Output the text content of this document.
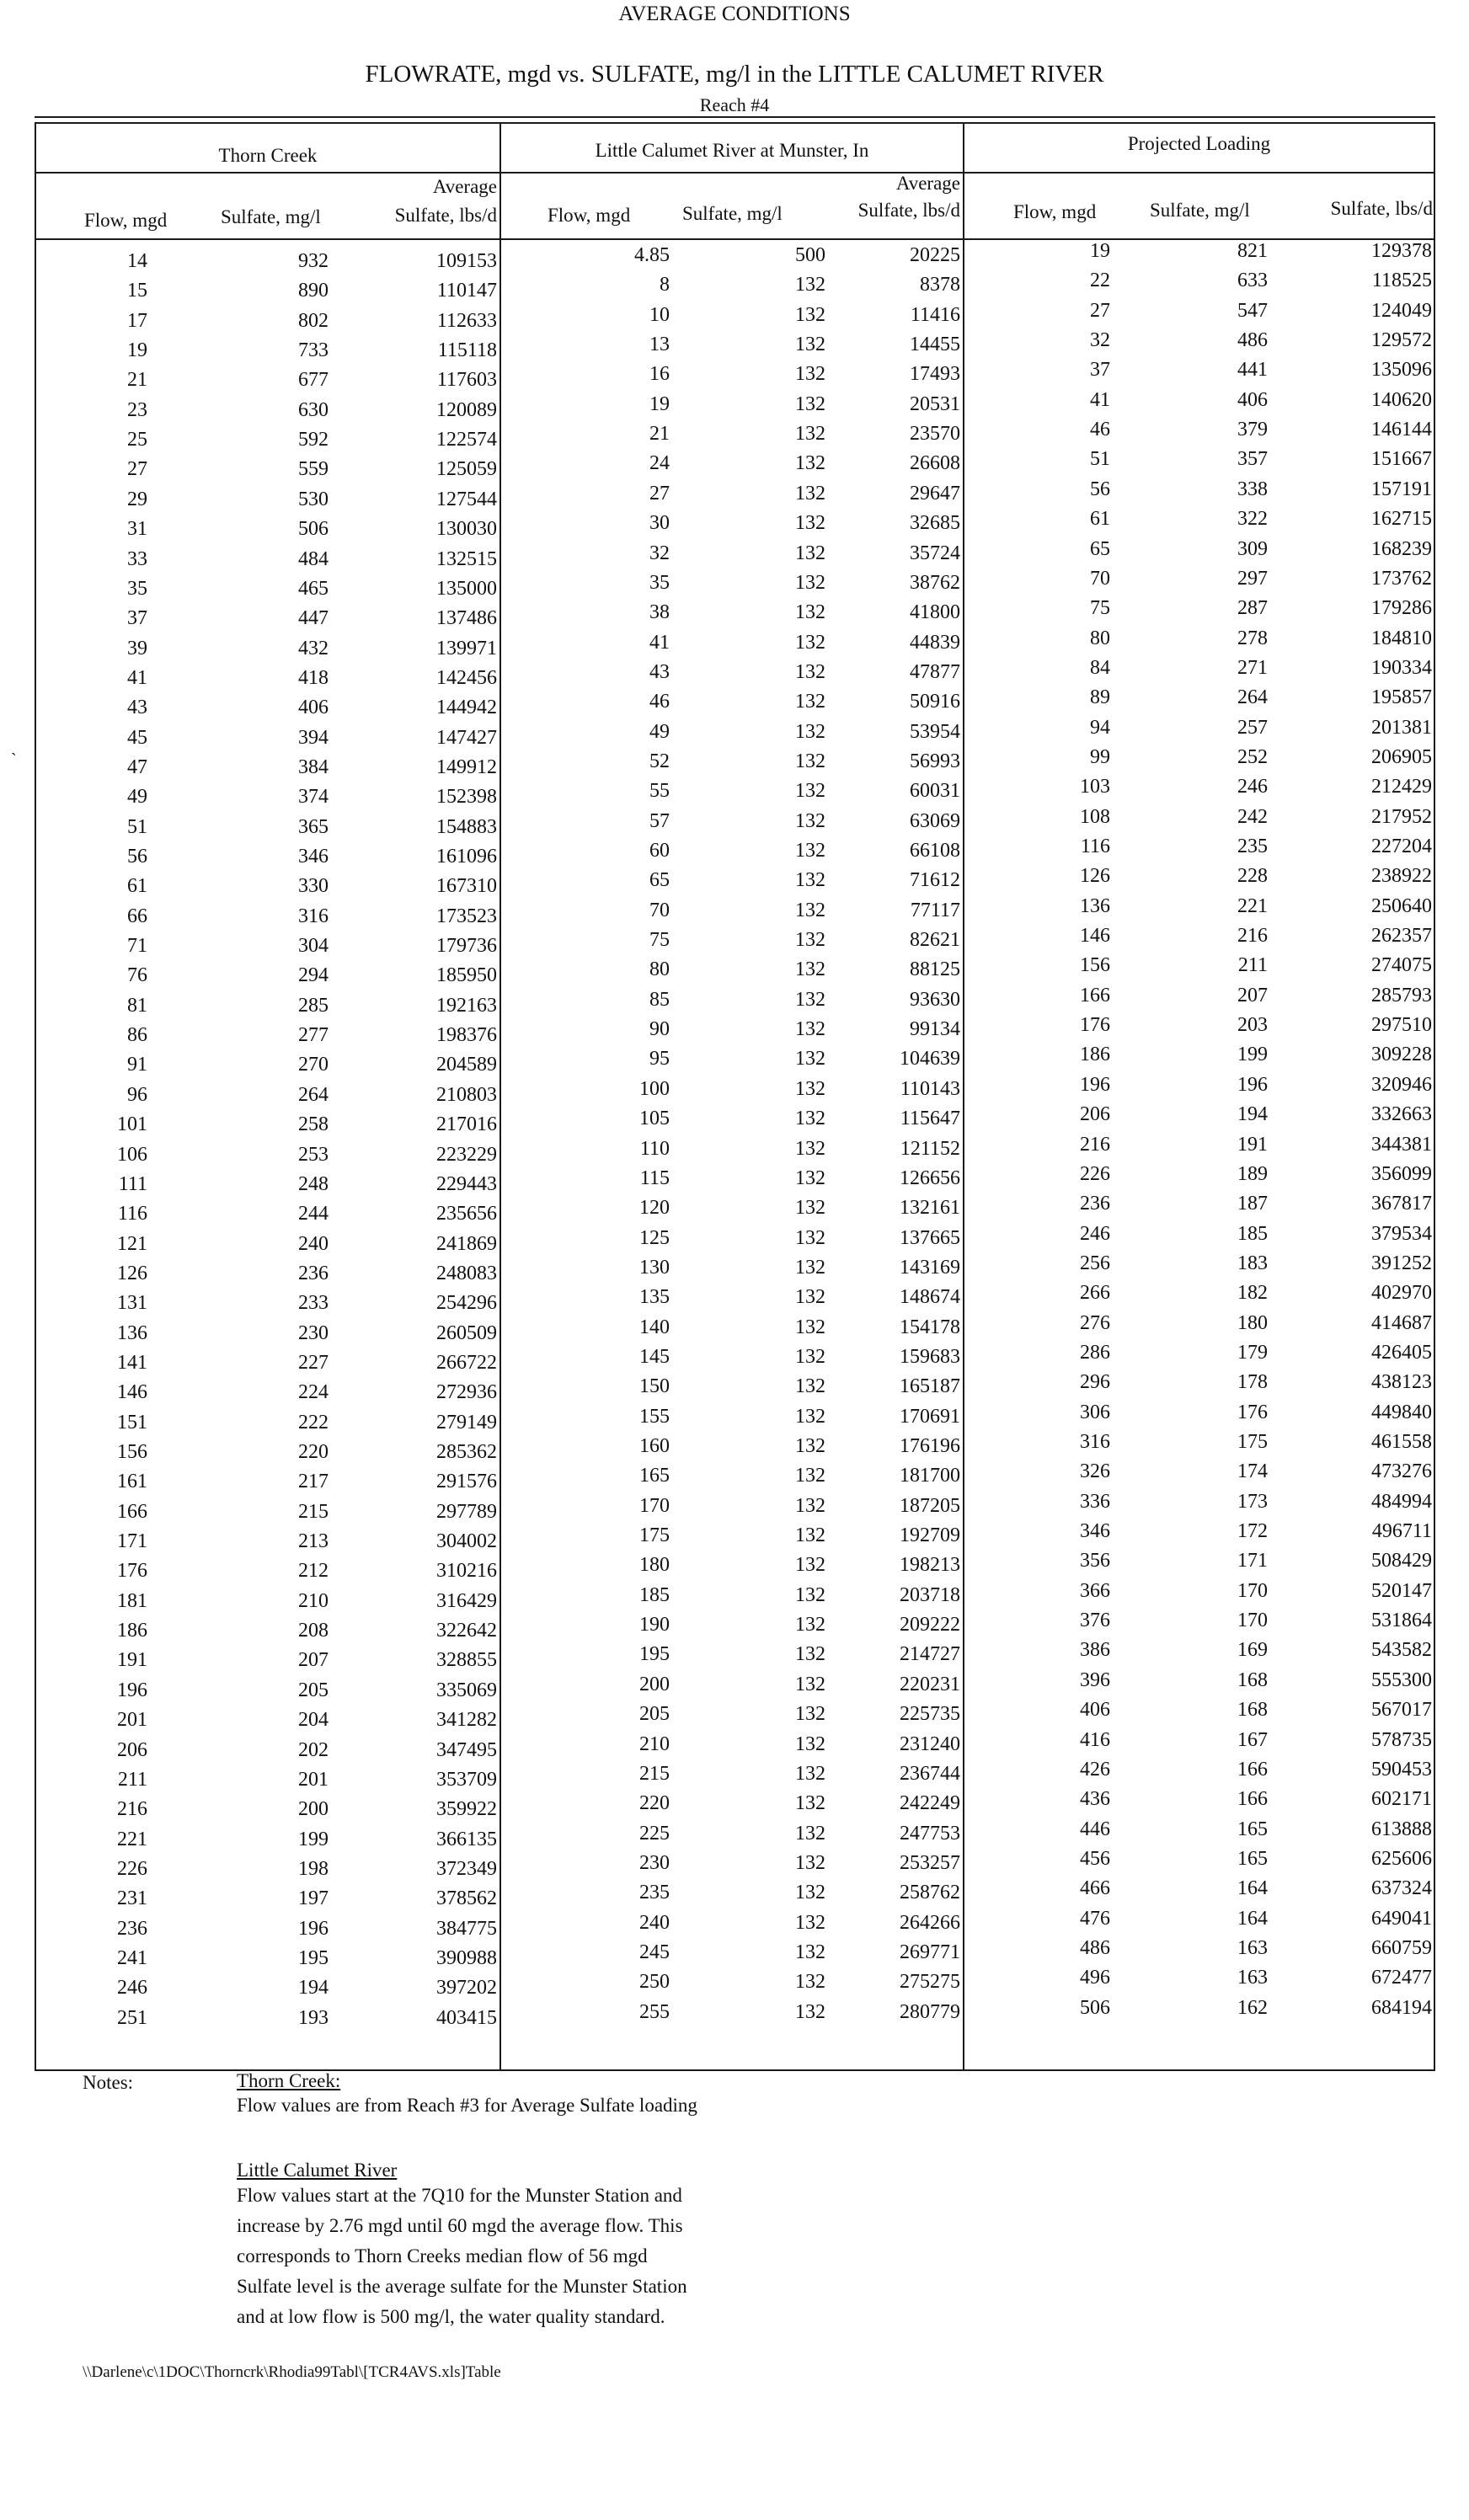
AVERAGE CONDITIONS
FLOWRATE, mgd vs. SULFATE, mg/l in the LITTLE CALUMET RIVER
Reach #4
`
Thorn Creek	Little Calumet River at Munster, In	Projected Loading
Flow, mgd	Sulfate, mg/l
Average
Sulfate, lbs/d	Flow, mgd	Sulfate, mg/l
Average
Sulfate, lbs/d	Flow, mgd	Sulfate, mg/l	Sulfate, lbs/d
14	932	109153	4.85	500	20225	19	821	129378
15	890	110147	8	132	8378	22	633	118525
17	802	112633	10	132	11416	27	547	124049
19	733	115118	13	132	14455	32	486	129572
21	677	117603	16	132	17493	37	441	135096
23	630	120089	19	132	20531	41	406	140620
25	592	122574	21	132	23570	46	379	146144
27	559	125059	24	132	26608	51	357	151667
29	530	127544	27	132	29647	56	338	157191
31	506	130030	30	132	32685	61	322	162715
33	484	132515	32	132	35724	65	309	168239
35	465	135000	35	132	38762	70	297	173762
37	447	137486	38	132	41800	75	287	179286
39	432	139971	41	132	44839	80	278	184810
41	418	142456	43	132	47877	84	271	190334
43	406	144942	46	132	50916	89	264	195857
45	394	147427	49	132	53954	94	257	201381
47	384	149912	52	132	56993	99	252	206905
49	374	152398	55	132	60031	103	246	212429
51	365	154883	57	132	63069	108	242	217952
56	346	161096	60	132	66108	116	235	227204
61	330	167310	65	132	71612	126	228	238922
66	316	173523	70	132	77117	136	221	250640
71	304	179736	75	132	82621	146	216	262357
76	294	185950	80	132	88125	156	211	274075
81	285	192163	85	132	93630	166	207	285793
86	277	198376	90	132	99134	176	203	297510
91	270	204589	95	132	104639	186	199	309228
96	264	210803	100	132	110143	196	196	320946
101	258	217016	105	132	115647	206	194	332663
106	253	223229	110	132	121152	216	191	344381
111	248	229443	115	132	126656	226	189	356099
116	244	235656	120	132	132161	236	187	367817
121	240	241869	125	132	137665	246	185	379534
126	236	248083	130	132	143169	256	183	391252
131	233	254296	135	132	148674	266	182	402970
136	230	260509	140	132	154178	276	180	414687
141	227	266722	145	132	159683	286	179	426405
146	224	272936	150	132	165187	296	178	438123
151	222	279149	155	132	170691	306	176	449840
156	220	285362	160	132	176196	316	175	461558
161	217	291576	165	132	181700	326	174	473276
166	215	297789	170	132	187205	336	173	484994
171	213	304002	175	132	192709	346	172	496711
176	212	310216	180	132	198213	356	171	508429
181	210	316429	185	132	203718	366	170	520147
186	208	322642	190	132	209222	376	170	531864
191	207	328855	195	132	214727	386	169	543582
196	205	335069	200	132	220231	396	168	555300
201	204	341282	205	132	225735	406	168	567017
206	202	347495	210	132	231240	416	167	578735
211	201	353709	215	132	236744	426	166	590453
216	200	359922	220	132	242249	436	166	602171
221	199	366135	225	132	247753	446	165	613888
226	198	372349	230	132	253257	456	165	625606
231	197	378562	235	132	258762	466	164	637324
236	196	384775	240	132	264266	476	164	649041
241	195	390988	245	132	269771	486	163	660759
246	194	397202	250	132	275275	496	163	672477
251	193	403415	255	132	280779	506	162	684194
Notes:	Thorn Creek:
Flow values are from Reach #3 for Average Sulfate loading
Little Calumet River
Flow values start at the 7Q10 for the Munster Station and
increase by 2.76 mgd until 60 mgd the average flow. This
corresponds to Thorn Creeks median flow of 56 mgd
Sulfate level is the average sulfate for the Munster Station
and at low flow is 500 mg/l, the water quality standard.
\\Darlene\c\1DOC\Thorncrk\Rhodia99Tabl\[TCR4AVS.xls]Table
